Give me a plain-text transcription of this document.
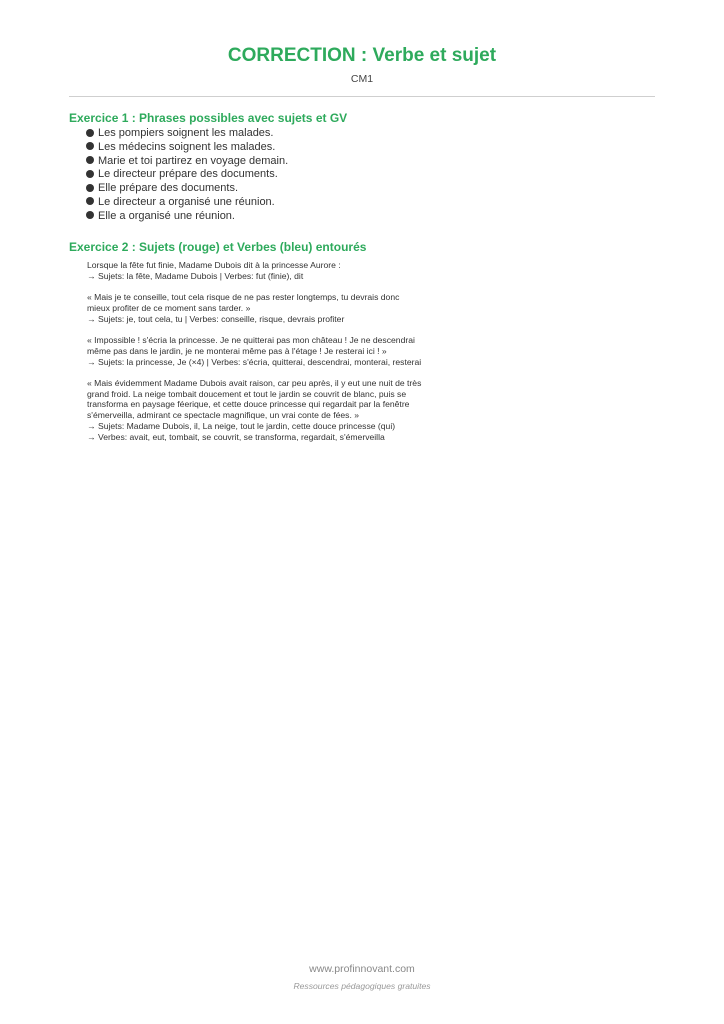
CORRECTION : Verbe et sujet
CM1
Exercice 1 : Phrases possibles avec sujets et GV
Les pompiers soignent les malades.
Les médecins soignent les malades.
Marie et toi partirez en voyage demain.
Le directeur prépare des documents.
Elle prépare des documents.
Le directeur a organisé une réunion.
Elle a organisé une réunion.
Exercice 2 : Sujets (rouge) et Verbes (bleu) entourés
Lorsque la fête fut finie, Madame Dubois dit à la princesse Aurore :
→ Sujets: la fête, Madame Dubois | Verbes: fut (finie), dit
« Mais je te conseille, tout cela risque de ne pas rester longtemps, tu devrais donc
mieux profiter de ce moment sans tarder. »
→ Sujets: je, tout cela, tu | Verbes: conseille, risque, devrais profiter
« Impossible ! s'écria la princesse. Je ne quitterai pas mon château ! Je ne descendrai
même pas dans le jardin, je ne monterai même pas à l'étage ! Je resterai ici ! »
→ Sujets: la princesse, Je (×4) | Verbes: s'écria, quitterai, descendrai, monterai, resterai
« Mais évidemment Madame Dubois avait raison, car peu après, il y eut une nuit de très
grand froid. La neige tombait doucement et tout le jardin se couvrit de blanc, puis se
transforma en paysage féerique, et cette douce princesse qui regardait par la fenêtre
s'émerveilla, admirant ce spectacle magnifique, un vrai conte de fées. »
→ Sujets: Madame Dubois, il, La neige, tout le jardin, cette douce princesse (qui)
→ Verbes: avait, eut, tombait, se couvrit, se transforma, regardait, s'émerveilla
www.profinnovant.com
Ressources pédagogiques gratuites
